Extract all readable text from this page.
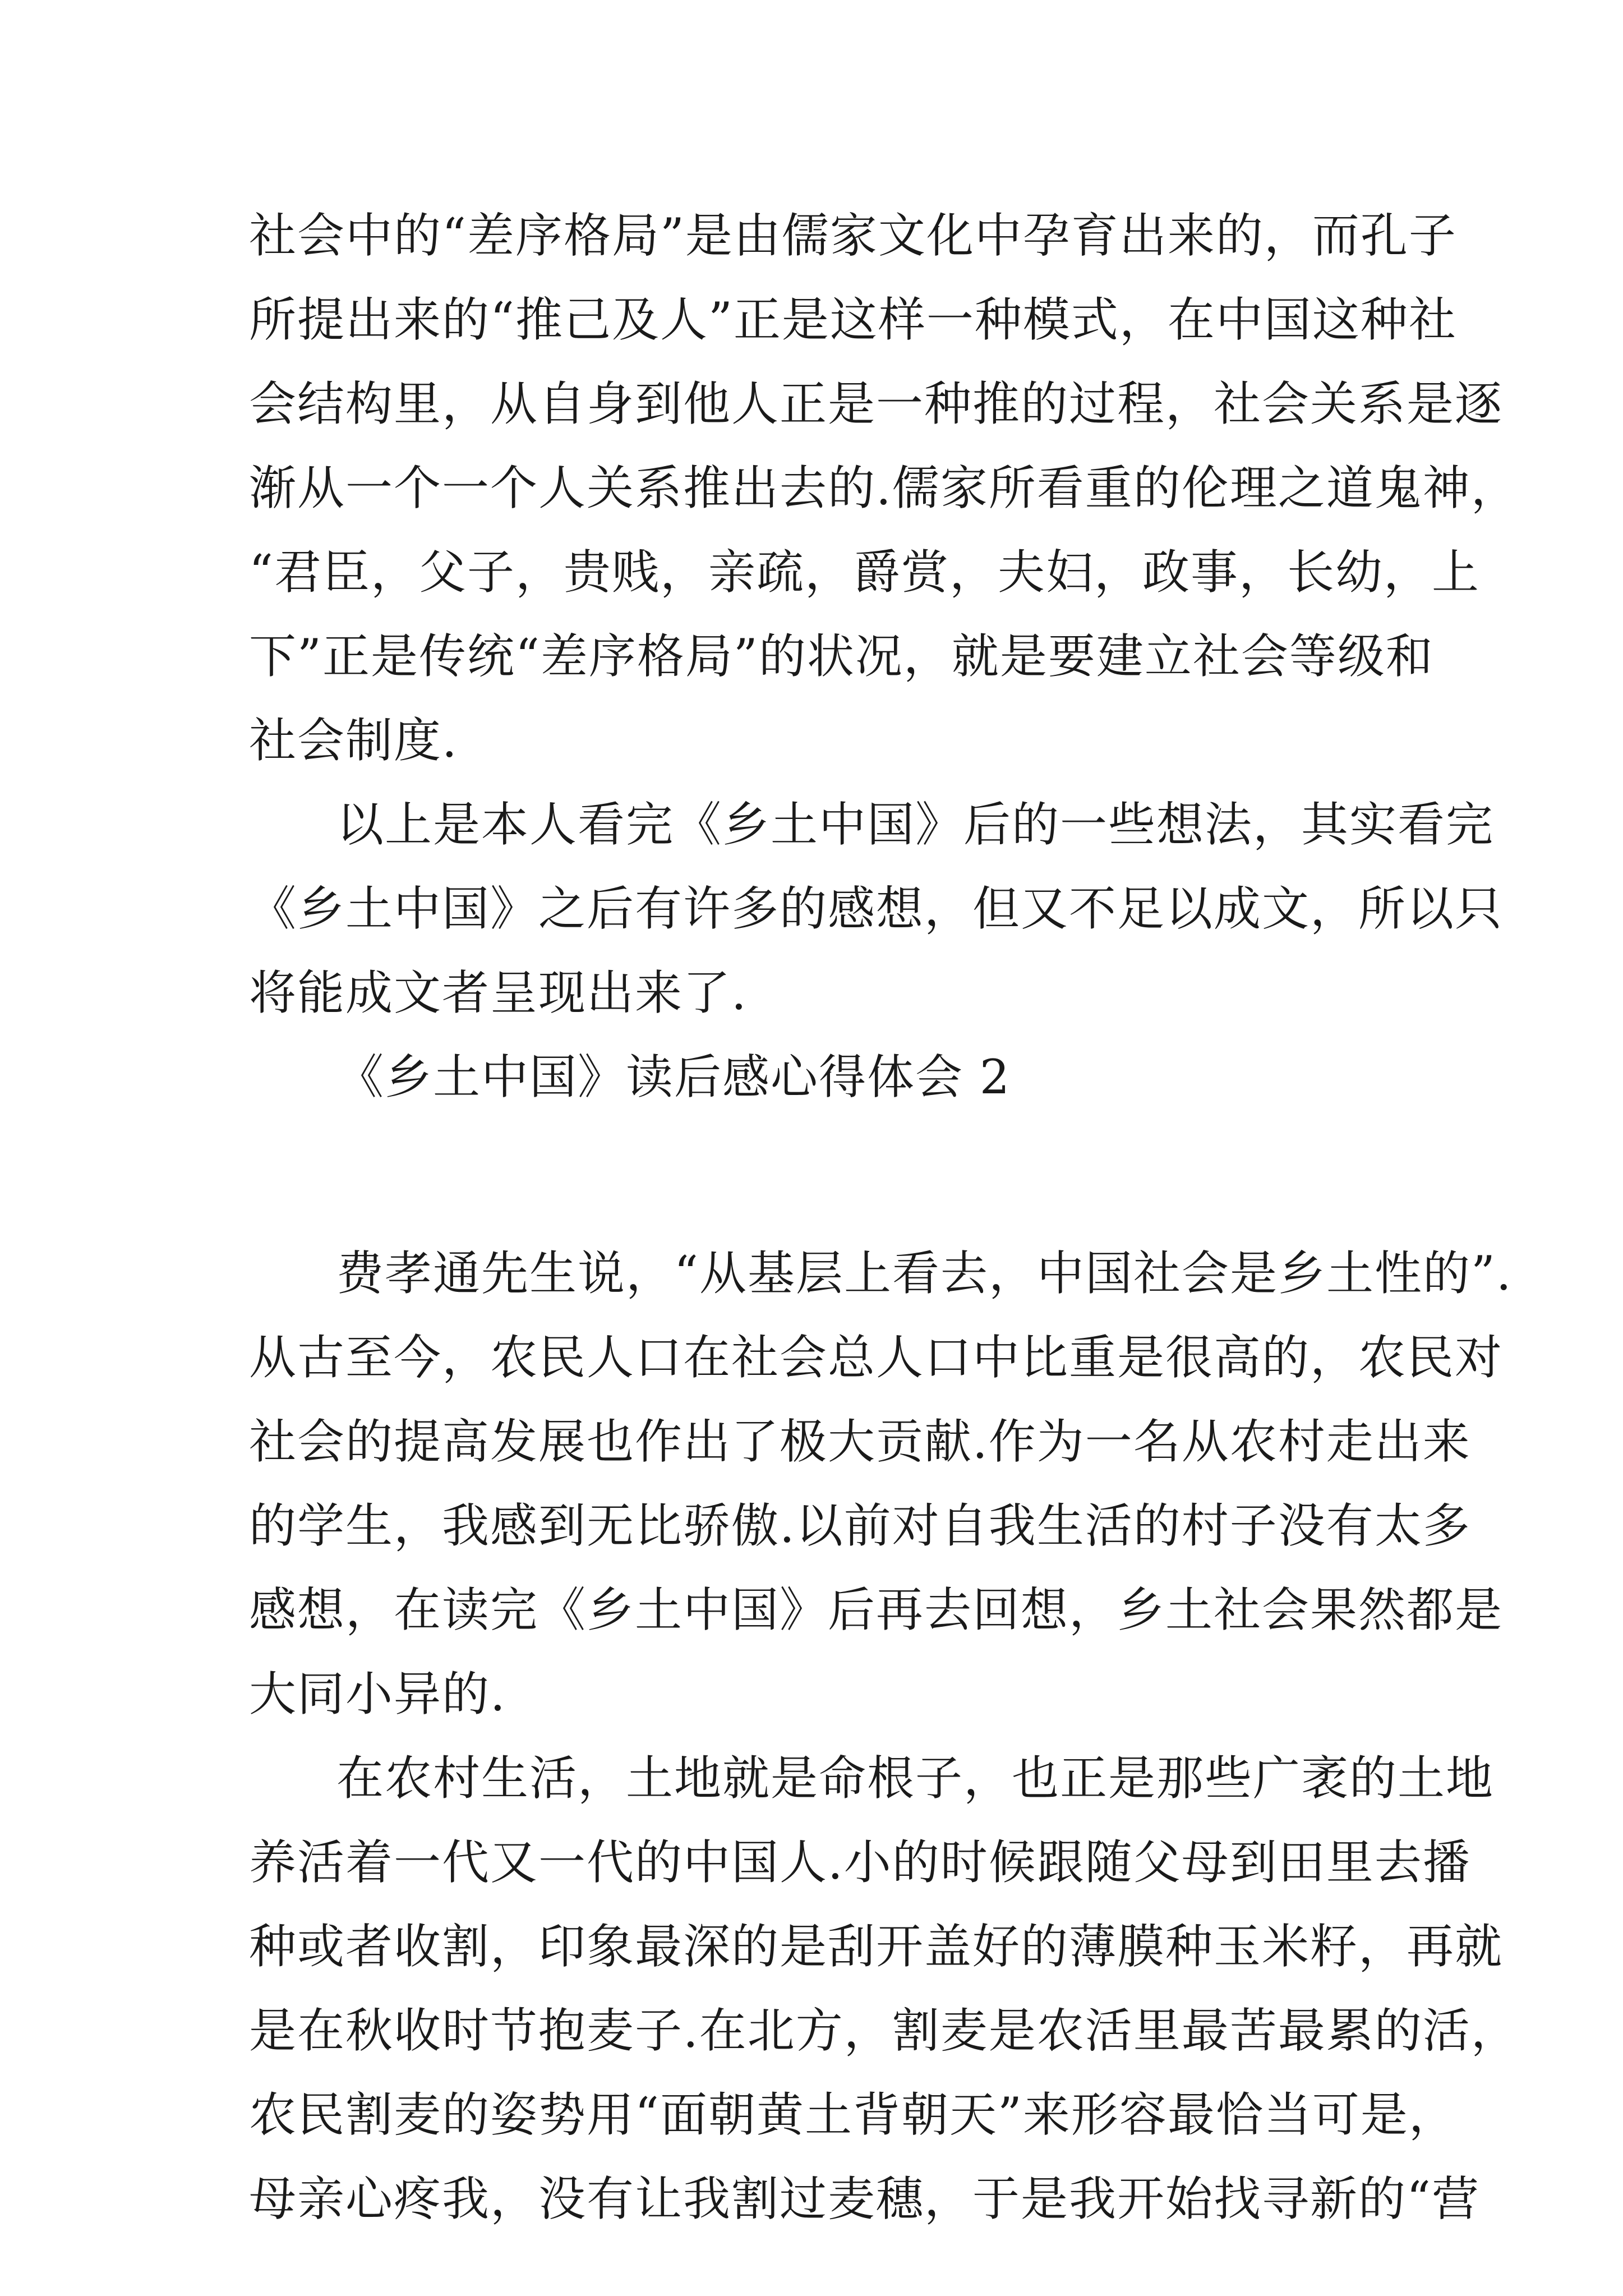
社会中的“差序格局”是由儒家文化中孕育出来的，而孔子
所提出来的“推己及人”正是这样一种模式，在中国这种社
会结构里，从自身到他人正是一种推的过程，社会关系是逐
渐从一个一个人关系推出去的.儒家所看重的伦理之道鬼神，
“君臣，父子，贵贱，亲疏，爵赏，夫妇，政事，长幼，上
下”正是传统“差序格局”的状况，就是要建立社会等级和
社会制度.
以上是本人看完《乡土中国》后的一些想法，其实看完
《乡土中国》之后有许多的感想，但又不足以成文，所以只
将能成文者呈现出来了.
《乡土中国》读后感心得体会 2
费孝通先生说，“从基层上看去，中国社会是乡土性的”.
从古至今，农民人口在社会总人口中比重是很高的，农民对
社会的提高发展也作出了极大贡献.作为一名从农村走出来
的学生，我感到无比骄傲.以前对自我生活的村子没有太多
感想，在读完《乡土中国》后再去回想，乡土社会果然都是
大同小异的.
在农村生活，土地就是命根子，也正是那些广袤的土地
养活着一代又一代的中国人.小的时候跟随父母到田里去播
种或者收割，印象最深的是刮开盖好的薄膜种玉米籽，再就
是在秋收时节抱麦子.在北方，割麦是农活里最苦最累的活，
农民割麦的姿势用“面朝黄土背朝天”来形容最恰当可是，
母亲心疼我，没有让我割过麦穗，于是我开始找寻新的“营
